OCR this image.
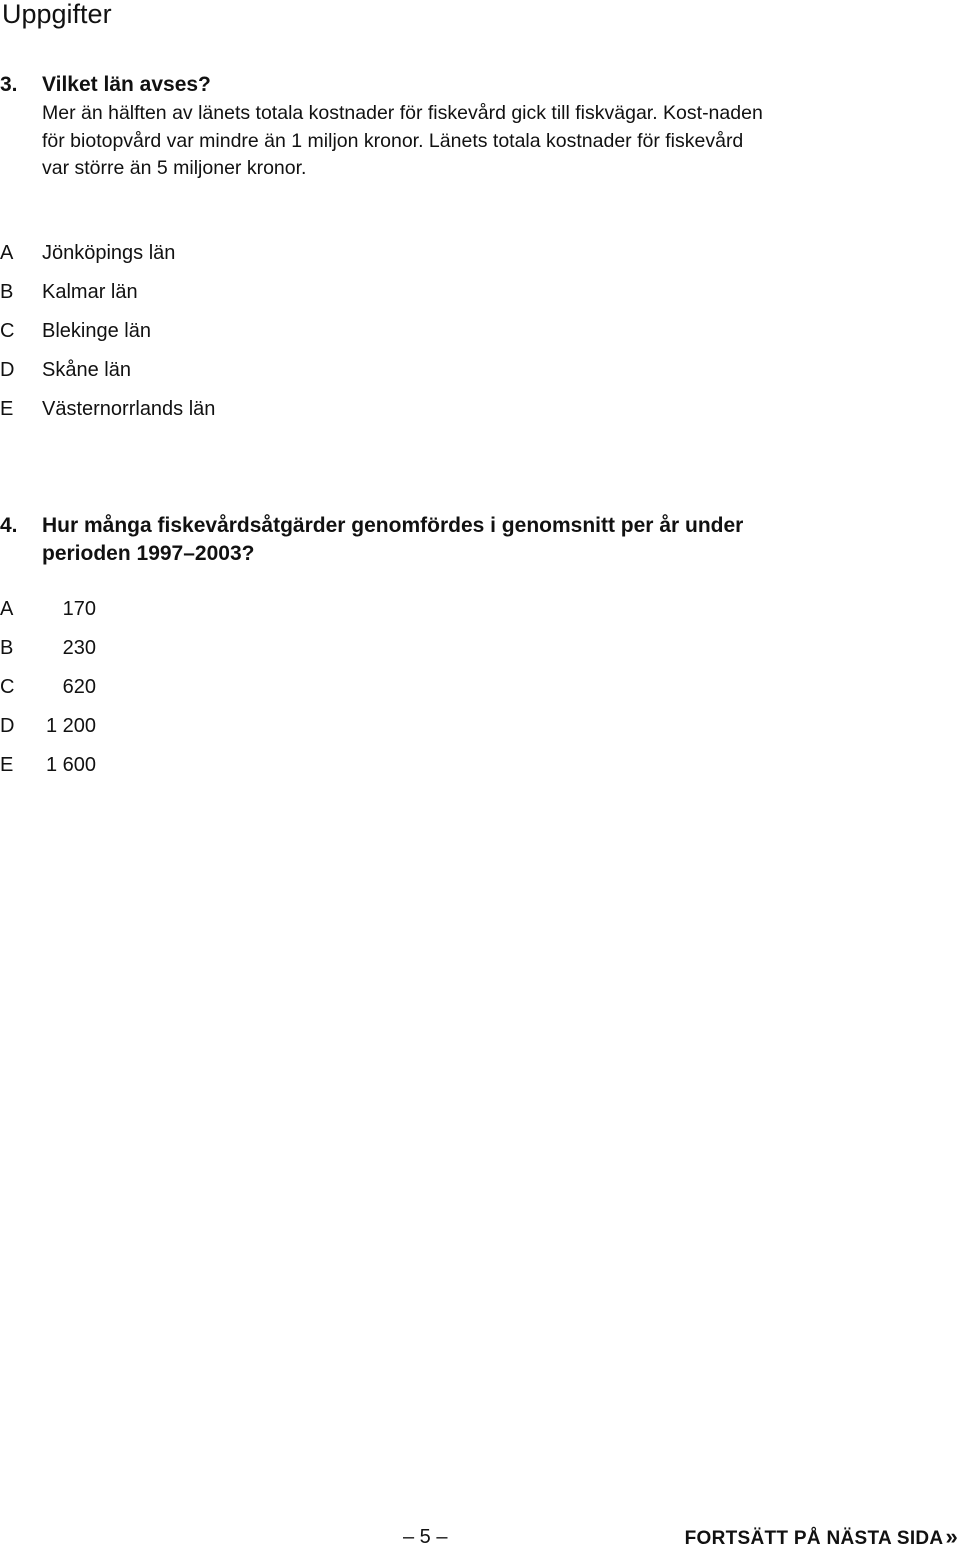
Uppgifter
3. Vilket län avses?

Mer än hälften av länets totala kostnader för fiskevård gick till fiskvägar. Kost-naden för biotopvård var mindre än 1 miljon kronor. Länets totala kostnader för fiskevård var större än 5 miljoner kronor.

A Jönköpings län
B Kalmar län
C Blekinge län
D Skåne län
E Västernorrlands län
4. Hur många fiskevårdsåtgärder genomfördes i genomsnitt per år under perioden 1997–2003?
A	170
B	230
C	620
D 1 200
E 1 600
– 5 –	FORTSÄTT PÅ NÄSTA SIDA»
